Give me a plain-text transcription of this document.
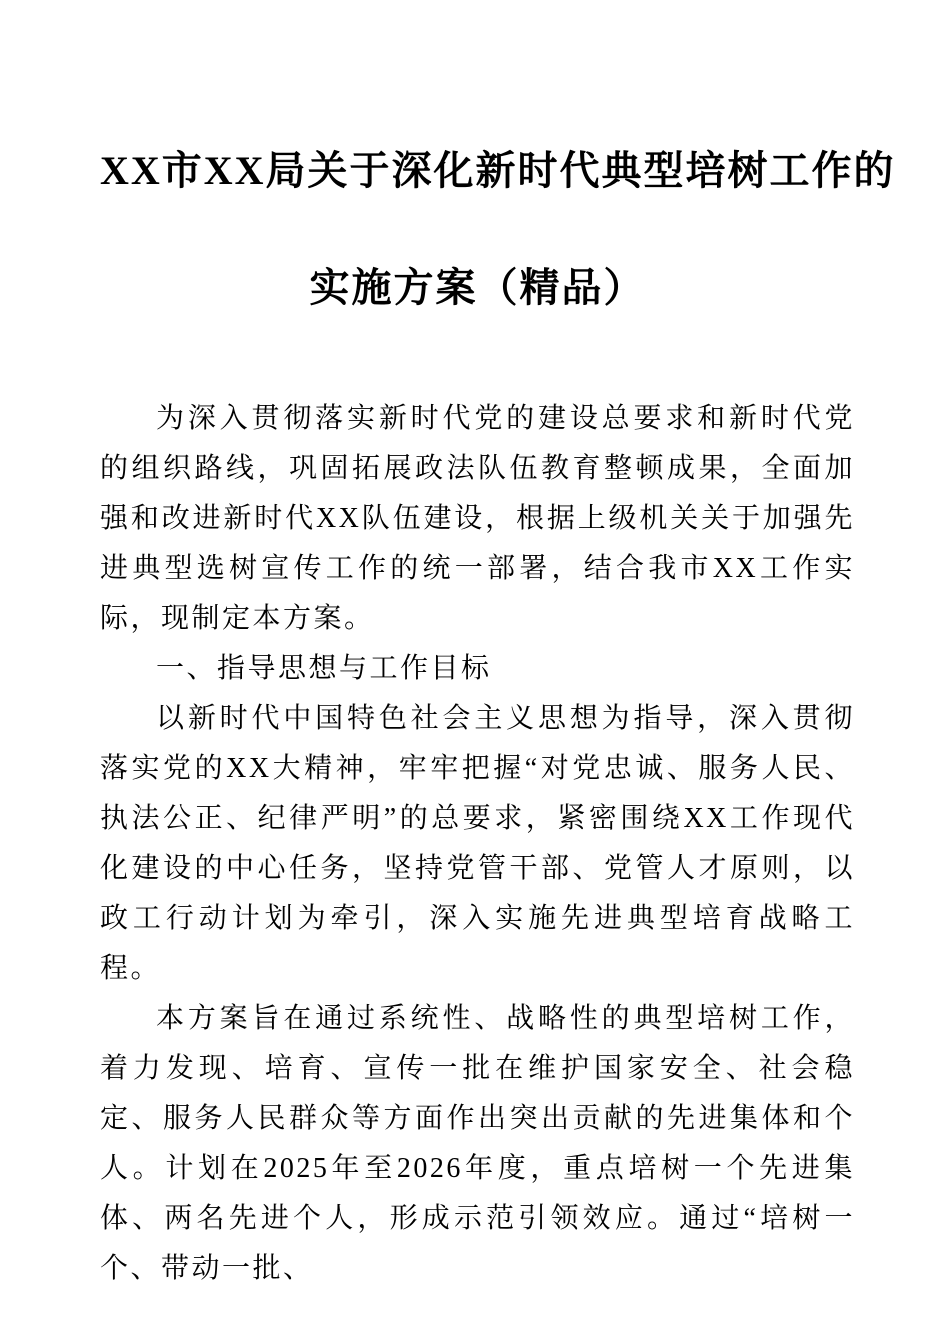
XX市XX局关于深化新时代典型培树工作的
实施方案（精品）

为深入贯彻落实新时代党的建设总要求和新时代党的组织路线，巩固拓展政法队伍教育整顿成果，全面加强和改进新时代XX队伍建设，根据上级机关关于加强先进典型选树宣传工作的统一部署，结合我市XX工作实际，现制定本方案。

一、指导思想与工作目标

以新时代中国特色社会主义思想为指导，深入贯彻落实党的XX大精神，牢牢把握“对党忠诚、服务人民、执法公正、纪律严明”的总要求，紧密围绕XX工作现代化建设的中心任务，坚持党管干部、党管人才原则，以政工行动计划为牵引，深入实施先进典型培育战略工程。

本方案旨在通过系统性、战略性的典型培树工作，着力发现、培育、宣传一批在维护国家安全、社会稳定、服务人民群众等方面作出突出贡献的先进集体和个人。计划在2025年至2026年度，重点培树一个先进集体、两名先进个人，形成示范引领效应。通过“培树一个、带动一批、
